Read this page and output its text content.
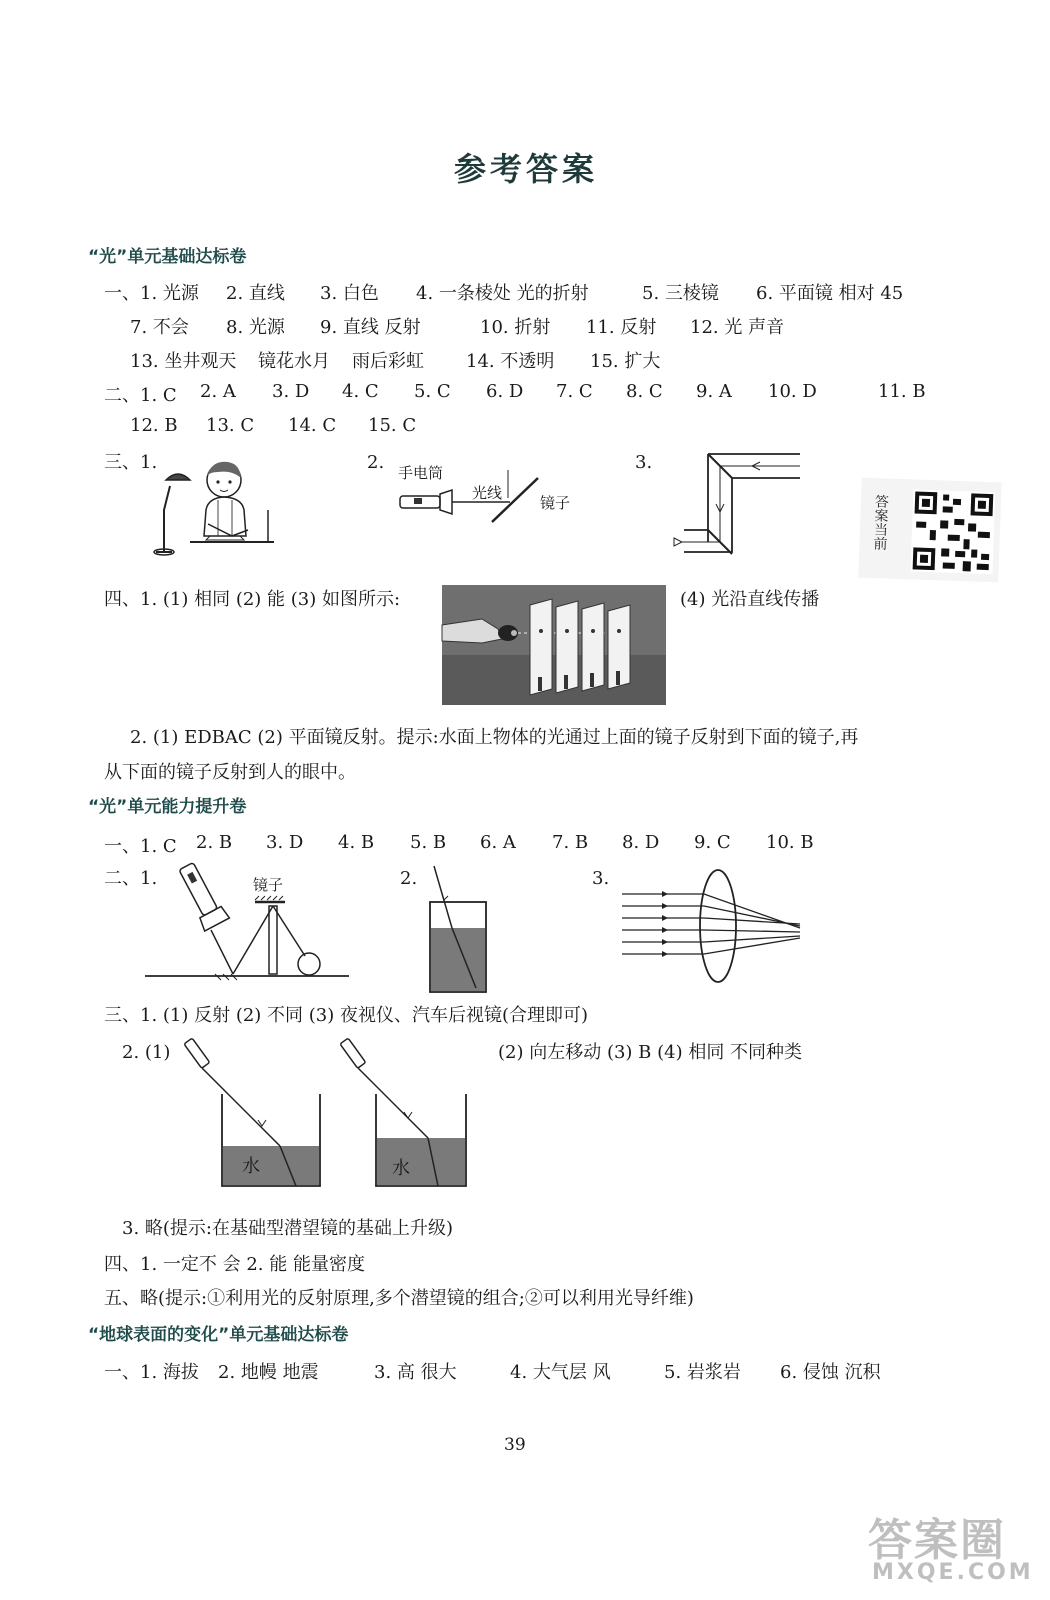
参考答案
“光”单元基础达标卷
一、1. 光源 2. 直线 3. 白色 4. 一条棱处 光的折射	5. 三棱镜 6. 平面镜 相对 45
7. 不会 8. 光源 9. 直线 反射	10. 折射 11. 反射 12. 光 声音
13. 坐井观天 镜花水月 雨后彩虹 14. 不透明 15. 扩大
二、1. C 2. A 3. D 4. C 5. C 6. D 7. C 8. C 9. A 10. D	11. B
12. B 13. C 14. C 15. C
三、1.	2. 手电筒
光线
镜子
3.
答案当前
四、1. (1) 相同 (2) 能 (3) 如图所示:	(4) 光沿直线传播
2. (1) EDBAC (2) 平面镜反射。提示:水面上物体的光通过上面的镜子反射到下面的镜子,再
从下面的镜子反射到人的眼中。
“光”单元能力提升卷
一、1. C 2. B 3. D 4. B 5. B 6. A 7. B 8. D 9. C 10. B
二、1.	镜子	2.	3.
三、1. (1) 反射 (2) 不同 (3) 夜视仪、汽车后视镜(合理即可)
2. (1)	(2) 向左移动 (3) B (4) 相同 不同种类
水	水
3. 略(提示:在基础型潜望镜的基础上升级)
四、1. 一定不 会 2. 能 能量密度
五、略(提示:①利用光的反射原理,多个潜望镜的组合;②可以利用光导纤维)
“地球表面的变化”单元基础达标卷
一、1. 海拔 2. 地幔 地震	3. 高 很大	4. 大气层 风	5. 岩浆岩 6. 侵蚀 沉积
39
答案圈
MXQE.COM
